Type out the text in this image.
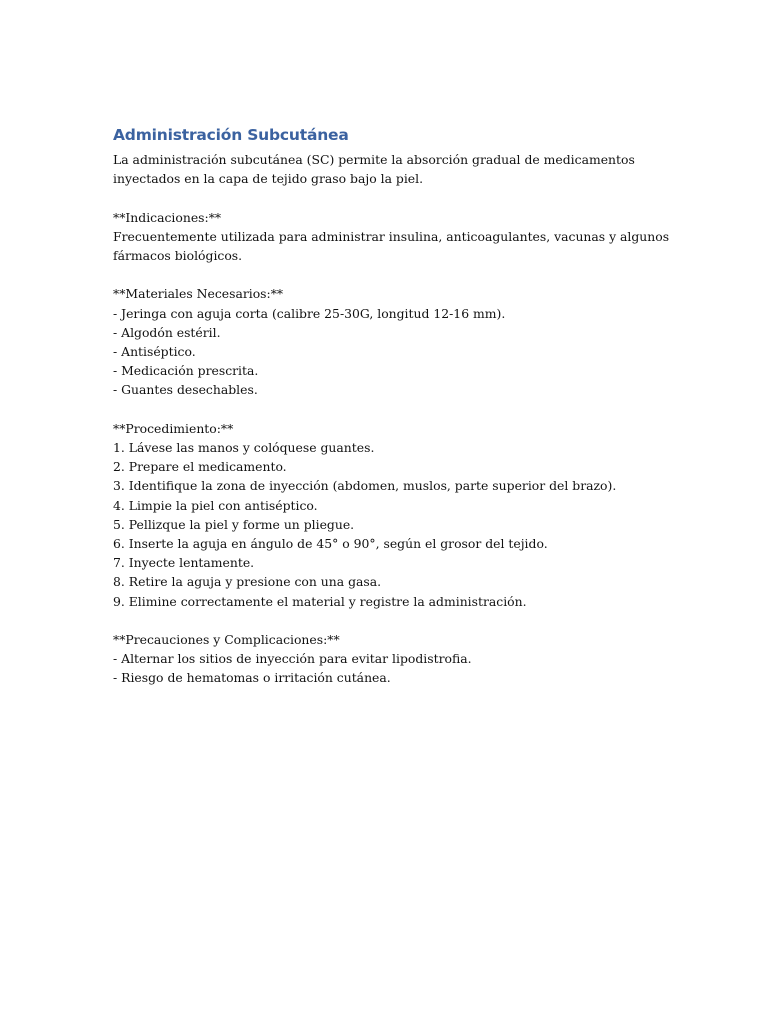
Administración Subcutánea

La administración subcutánea (SC) permite la absorción gradual de medicamentos

inyectados en la capa de tejido graso bajo la piel.

**Indicaciones:**

Frecuentemente utilizada para administrar insulina, anticoagulantes, vacunas y algunos

fármacos biológicos.

**Materiales Necesarios:**

- Jeringa con aguja corta (calibre 25-30G, longitud 12-16 mm).

- Algodón estéril.

- Antiséptico.

- Medicación prescrita.

- Guantes desechables.

**Procedimiento:**

1. Lávese las manos y colóquese guantes.

2. Prepare el medicamento.

3. Identifique la zona de inyección (abdomen, muslos, parte superior del brazo).

4. Limpie la piel con antiséptico.

5. Pellizque la piel y forme un pliegue.

6. Inserte la aguja en ángulo de 45° o 90°, según el grosor del tejido.

7. Inyecte lentamente.

8. Retire la aguja y presione con una gasa.

9. Elimine correctamente el material y registre la administración.

**Precauciones y Complicaciones:**

- Alternar los sitios de inyección para evitar lipodistrofia.

- Riesgo de hematomas o irritación cutánea.
